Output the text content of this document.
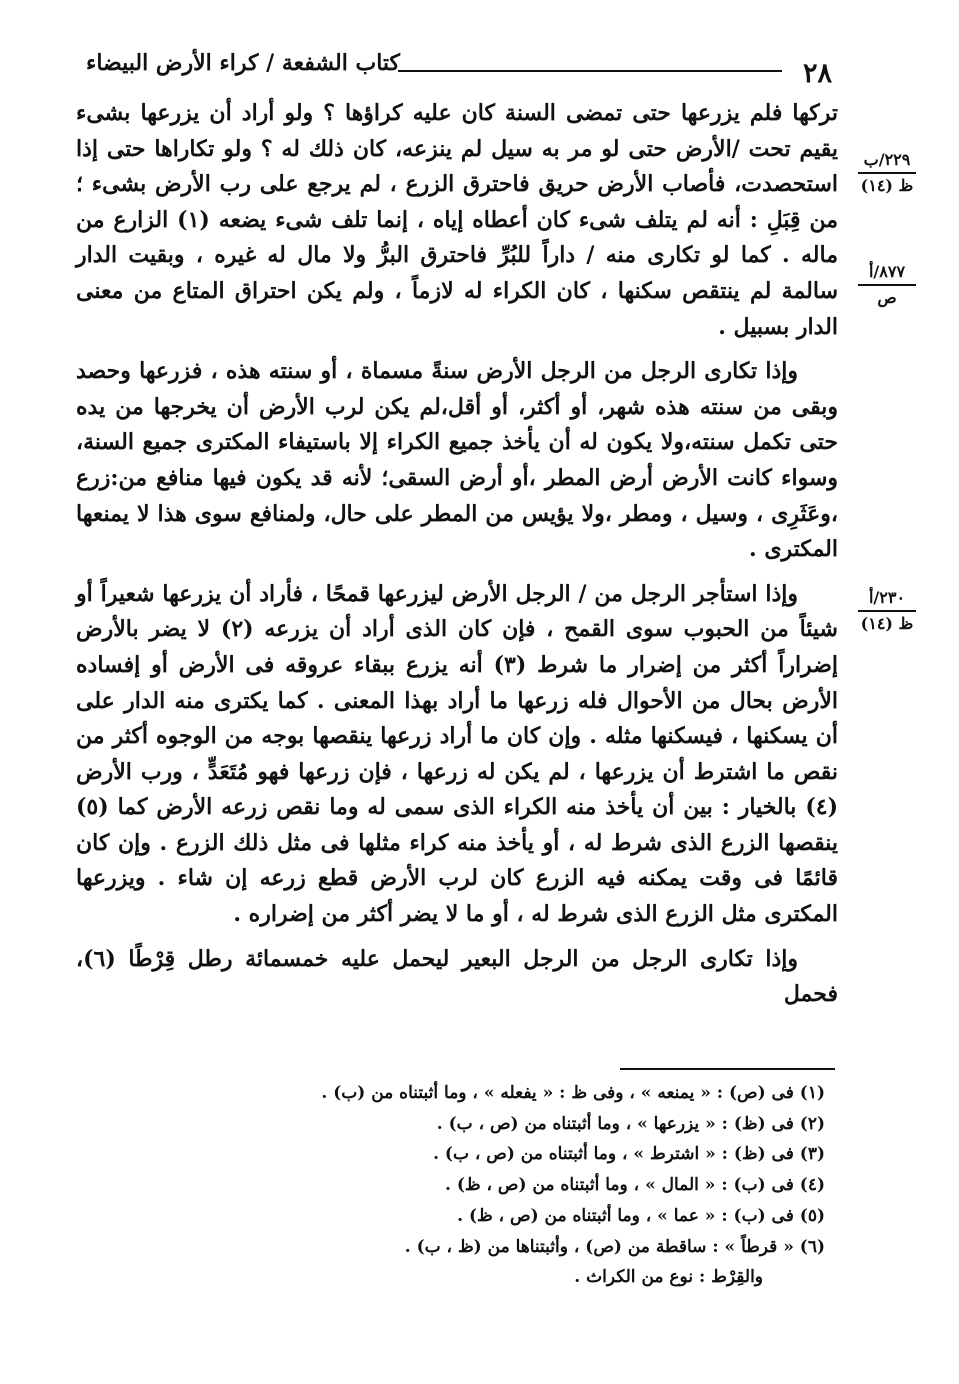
٢٨
كتاب الشفعة / كراء الأرض البيضاء
٢٢٩/ب
ظ (١٤)
٨٧٧/أ
ص
٢٣٠/أ
ظ (١٤)

تركها فلم يزرعها حتى تمضى السنة كان عليه كراؤها ؟ ولو أراد أن يزرعها بشىء يقيم تحت /الأرض حتى لو مر به سيل لم ينزعه، كان ذلك له ؟ ولو تكاراها حتى إذا استحصدت، فأصاب الأرض حريق فاحترق الزرع ، لم يرجع على رب الأرض بشىء ؛ من قِبَلِ : أنه لم يتلف شىء كان أعطاه إياه ، إنما تلف شىء يضعه (١) الزارع من ماله . كما لو تكارى منه / داراً للبُرِّ فاحترق البرُّ ولا مال له غيره ، وبقيت الدار سالمة لم ينتقص سكنها ، كان الكراء له لازماً ، ولم يكن احتراق المتاع من معنى الدار بسبيل .

وإذا تكارى الرجل من الرجل الأرض سنةً مسماة ، أو سنته هذه ، فزرعها وحصد وبقى من سنته هذه شهر، أو أكثر، أو أقل،لم يكن لرب الأرض أن يخرجها من يده حتى تكمل سنته،ولا يكون له أن يأخذ جميع الكراء إلا باستيفاء المكترى جميع السنة، وسواء كانت الأرض أرض المطر ،أو أرض السقى؛ لأنه قد يكون فيها منافع من:زرع ،وعَثَرِى ، وسيل ، ومطر ،ولا يؤيس من المطر على حال، ولمنافع سوى هذا لا يمنعها المكترى .

وإذا استأجر الرجل من / الرجل الأرض ليزرعها قمحًا ، فأراد أن يزرعها شعيراً أو شيئاً من الحبوب سوى القمح ، فإن كان الذى أراد أن يزرعه (٢) لا يضر بالأرض إضراراً أكثر من إضرار ما شرط (٣) أنه يزرع ببقاء عروقه فى الأرض أو إفساده الأرض بحال من الأحوال فله زرعها ما أراد بهذا المعنى . كما يكترى منه الدار على أن يسكنها ، فيسكنها مثله . وإن كان ما أراد زرعها ينقصها بوجه من الوجوه أكثر من نقص ما اشترط أن يزرعها ، لم يكن له زرعها ، فإن زرعها فهو مُتَعَدٍّ ، ورب الأرض (٤) بالخيار : بين أن يأخذ منه الكراء الذى سمى له وما نقص زرعه الأرض كما (٥) ينقصها الزرع الذى شرط له ، أو يأخذ منه كراء مثلها فى مثل ذلك الزرع . وإن كان قائمًا فى وقت يمكنه فيه الزرع كان لرب الأرض قطع زرعه إن شاء . ويزرعها المكترى مثل الزرع الذى شرط له ، أو ما لا يضر أكثر من إضراره .

وإذا تكارى الرجل من الرجل البعير ليحمل عليه خمسمائة رطل قِرْطًا (٦)، فحمل

(١) فى (ص) : « يمنعه » ، وفى ظ : « يفعله » ، وما أثبتناه من (ب) .
(٢) فى (ظ) : « يزرعها » ، وما أثبتناه من (ص ، ب) .
(٣) فى (ظ) : « اشترط » ، وما أثبتناه من (ص ، ب) .
(٤) فى (ب) : « المال » ، وما أثبتناه من (ص ، ظ) .
(٥) فى (ب) : « عما » ، وما أثبتناه من (ص ، ظ) .
(٦) « قرطاً » : ساقطة من (ص) ، وأثبتناها من (ظ ، ب) .
والقِرْط : نوع من الكراث .
